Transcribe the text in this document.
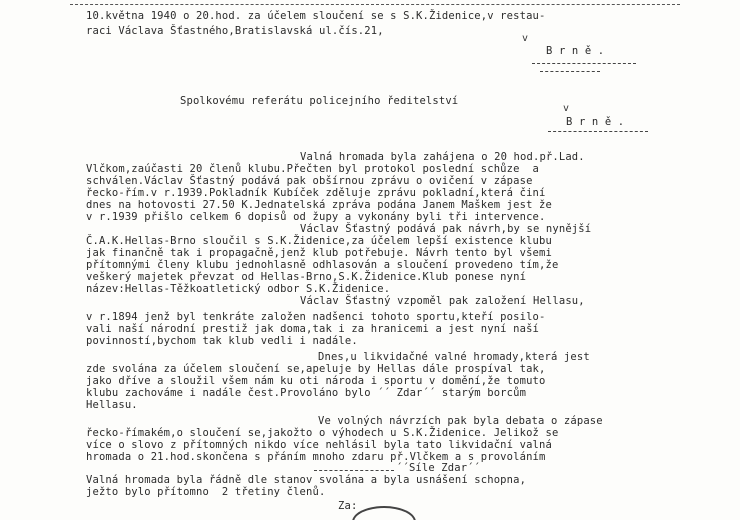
10.května 1940 o 20.hod. za účelem sloučení se s S.K.Židenice,v restau-
raci Václava Šťastného,Bratislavská ul.čís.21,
v
B r n ě .
Spolkovému referátu policejního ředitelství
v
B r n ě .
Valná hromada byla zahájena o 20 hod.př.Lad.
Vlčkom,zaúčasti 20 členů klubu.Přečten byl protokol poslední schůze  a
schválen.Václav Šťastný podává pak obšírnou zprávu o ovičení v zápase
řecko-řím.v r.1939.Pokladník Kubíček zděluje zprávu pokladní,která činí
dnes na hotovosti 27.50 K.Jednatelská zpráva podána Janem Maškem jest že
v r.1939 přišlo celkem 6 dopisů od župy a vykonány byli tři intervence.
Václav Šťastný podává pak návrh,by se nynější
Č.A.K.Hellas-Brno sloučil s S.K.Židenice,za účelem lepší existence klubu
jak finančně tak i propagačně,jenž klub potřebuje. Návrh tento byl všemi
přítomnými členy klubu jednohlasně odhlasován a sloučení provedeno tím,že
veškerý majetek převzat od Hellas-Brno,S.K.Židenice.Klub ponese nyní
název:Hellas-Těžkoatletický odbor S.K.Židenice.
Václav Šťastný vzpoměl pak založení Hellasu,
v r.1894 jenž byl tenkráte založen nadšenci tohoto sportu,kteří posilo-
vali naší národní prestiž jak doma,tak i za hranicemi a jest nyní naší
povinností,bychom tak klub vedli i nadále.
Dnes,u likvidačné valné hromady,která jest
zde svolána za účelem sloučení se,apeluje by Hellas dále prospíval tak,
jako dříve a sloužil všem nám ku oti národa i sportu v domění,že tomuto
klubu zachováme i nadále čest.Provoláno bylo ´´ Zdar´´ starým borcům
Hellasu.
Ve volných návrzích pak byla debata o zápase
řecko-římakém,o sloučení se,jakožto o výhodech u S.K.Židenice. Jelikož se
více o slovo z přítomných nikdo více nehlásil byla tato likvidační valná
hromada o 21.hod.skončena s přáním mnoho zdaru př.Vlčkem a s provoláním
´´Síle Zdar´´
Valná hromada byla řádně dle stanov svolána a byla usnášení schopna,
ježto bylo přítomno  2 třetiny členů.
Za:
